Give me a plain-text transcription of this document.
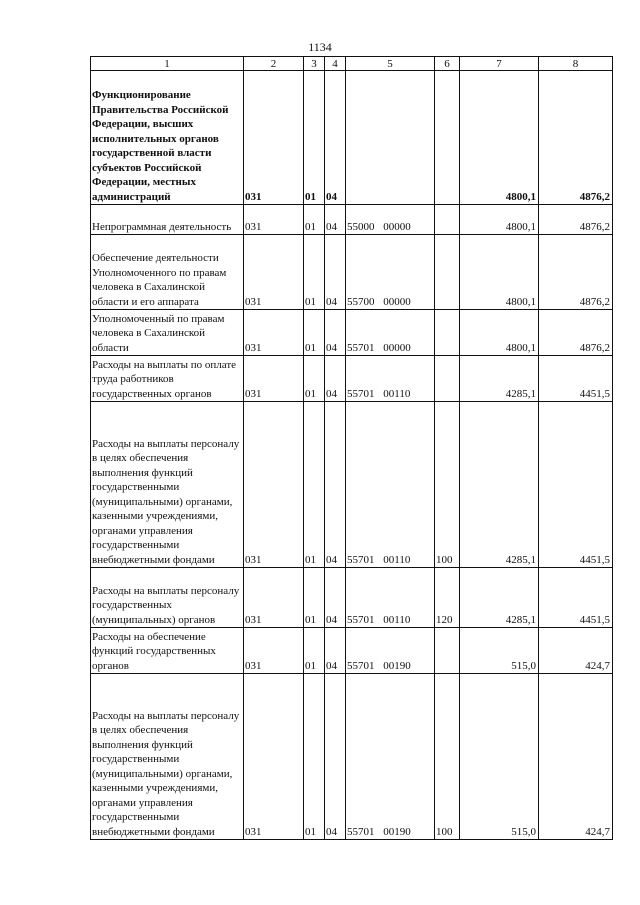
1134
1	2	3	4	5	6	7	8
Функционирование Правительства Российской Федерации, высших исполнительных органов государственной власти субъектов Российской Федерации, местных администраций	031	01	04			4800,1	4876,2
Непрограммная деятельность	031	01	04	55000 00000		4800,1	4876,2
Обеспечение деятельности Уполномоченного по правам человека в Сахалинской области и его аппарата	031	01	04	55700 00000		4800,1	4876,2
Уполномоченный по правам человека в Сахалинской области	031	01	04	55701 00000		4800,1	4876,2
Расходы на выплаты по оплате труда работников государственных органов	031	01	04	55701 00110		4285,1	4451,5
Расходы на выплаты персоналу в целях обеспечения выполнения функций государственными (муниципальными) органами, казенными учреждениями, органами управления государственными внебюджетными фондами	031	01	04	55701 00110	100	4285,1	4451,5
Расходы на выплаты персоналу государственных (муниципальных) органов	031	01	04	55701 00110	120	4285,1	4451,5
Расходы на обеспечение функций государственных органов	031	01	04	55701 00190		515,0	424,7
Расходы на выплаты персоналу в целях обеспечения выполнения функций государственными (муниципальными) органами, казенными учреждениями, органами управления государственными внебюджетными фондами	031	01	04	55701 00190	100	515,0	424,7
